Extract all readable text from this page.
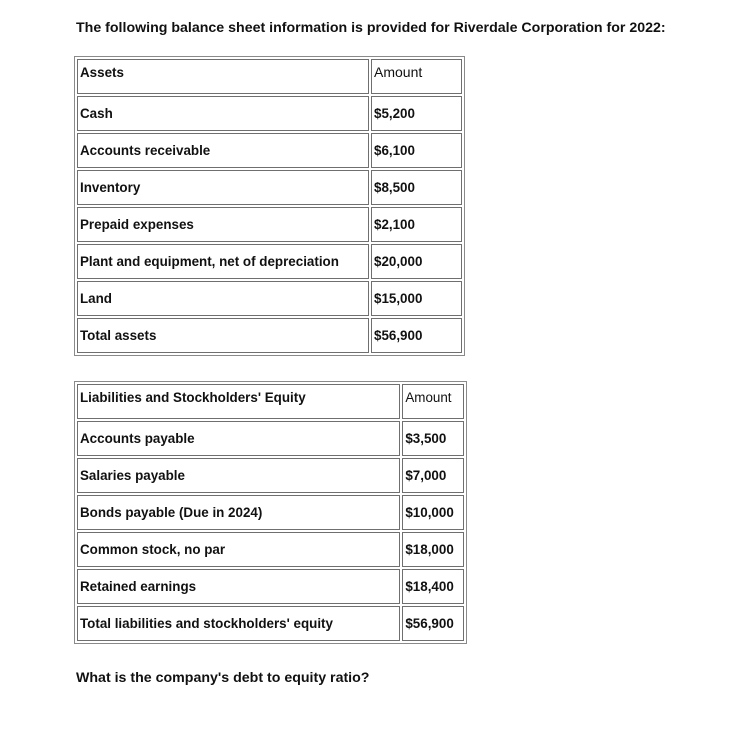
The following balance sheet information is provided for Riverdale Corporation for 2022:

Assets	Amount
Cash	$5,200
Accounts receivable	$6,100
Inventory	$8,500
Prepaid expenses	$2,100
Plant and equipment, net of depreciation	$20,000
Land	$15,000
Total assets	$56,900
Liabilities and Stockholders' Equity	Amount
Accounts payable	$3,500
Salaries payable	$7,000
Bonds payable (Due in 2024)	$10,000
Common stock, no par	$18,000
Retained earnings	$18,400
Total liabilities and stockholders' equity	$56,900

What is the company's debt to equity ratio?
